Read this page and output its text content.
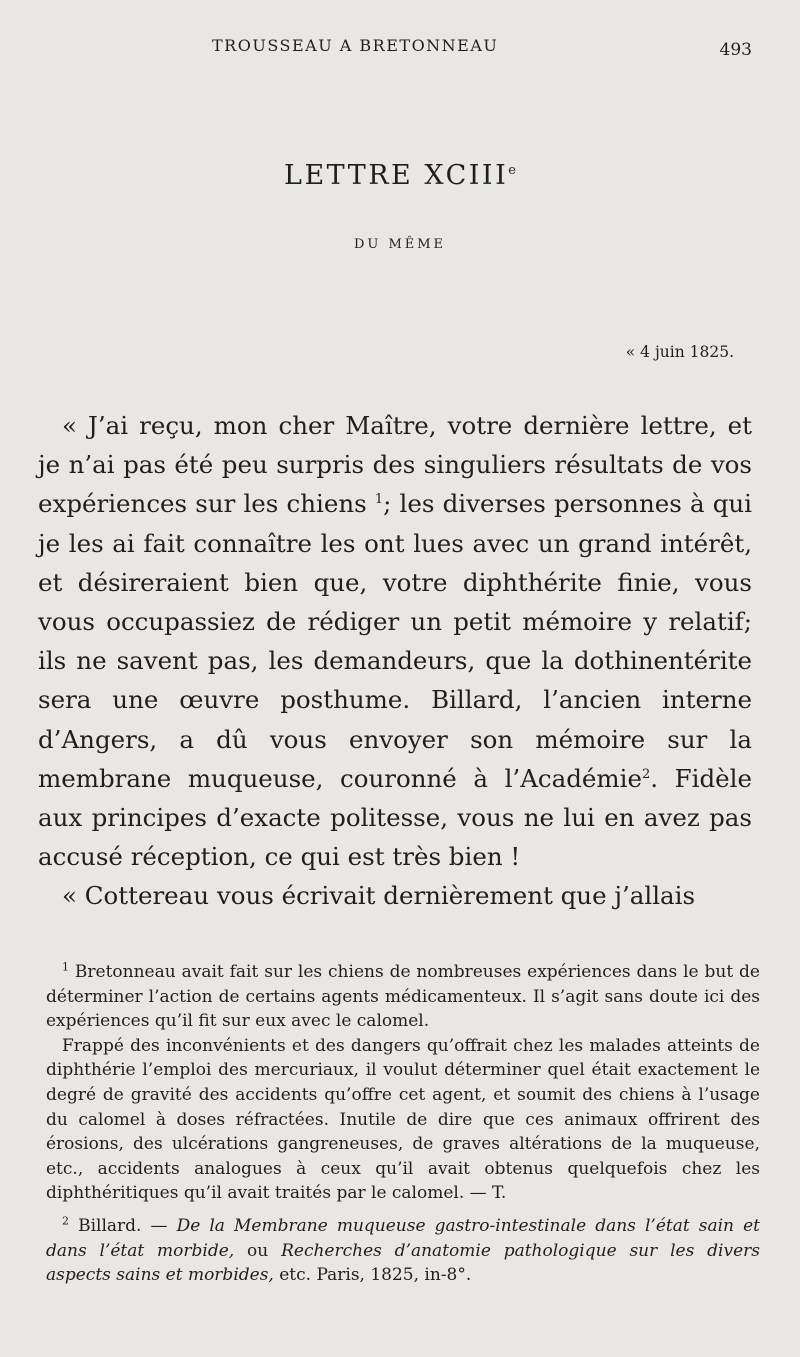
TROUSSEAU A BRETONNEAU	493
LETTRE XCIIIe
DU MÊME
« 4 juin 1825.

« J’ai reçu, mon cher Maître, votre dernière lettre, et je n’ai pas été peu surpris des singuliers résultats de vos expériences sur les chiens $^1$; les diverses personnes à qui je les ai fait connaître les ont lues avec un grand intérêt, et désireraient bien que, votre diphthérite finie, vous vous occupassiez de rédiger un petit mémoire y relatif; ils ne savent pas, les demandeurs, que la dothinentérite sera une œuvre posthume. Billard, l’ancien interne d’Angers, a dû vous envoyer son mémoire sur la membrane muqueuse, couronné à l’Académie$^2$. Fidèle aux principes d’exacte politesse, vous ne lui en avez pas accusé réception, ce qui est très bien !

« Cottereau vous écrivait dernièrement que j’allais

$^1$ Bretonneau avait fait sur les chiens de nombreuses expériences dans le but de déterminer l’action de certains agents médicamenteux. Il s’agit sans doute ici des expériences qu’il fit sur eux avec le calomel.

Frappé des inconvénients et des dangers qu’offrait chez les malades atteints de diphthérie l’emploi des mercuriaux, il voulut déterminer quel était exactement le degré de gravité des accidents qu’offre cet agent, et soumit des chiens à l’usage du calomel à doses réfractées. Inutile de dire que ces animaux offrirent des érosions, des ulcérations gangreneuses, de graves altérations de la muqueuse, etc., accidents analogues à ceux qu’il avait obtenus quelquefois chez les diphthéritiques qu’il avait traités par le calomel. — T.

$^2$ Billard. — De la Membrane muqueuse gastro-intestinale dans l’état sain et dans l’état morbide, ou Recherches d’anatomie pathologique sur les divers aspects sains et morbides, etc. Paris, 1825, in-8°.
